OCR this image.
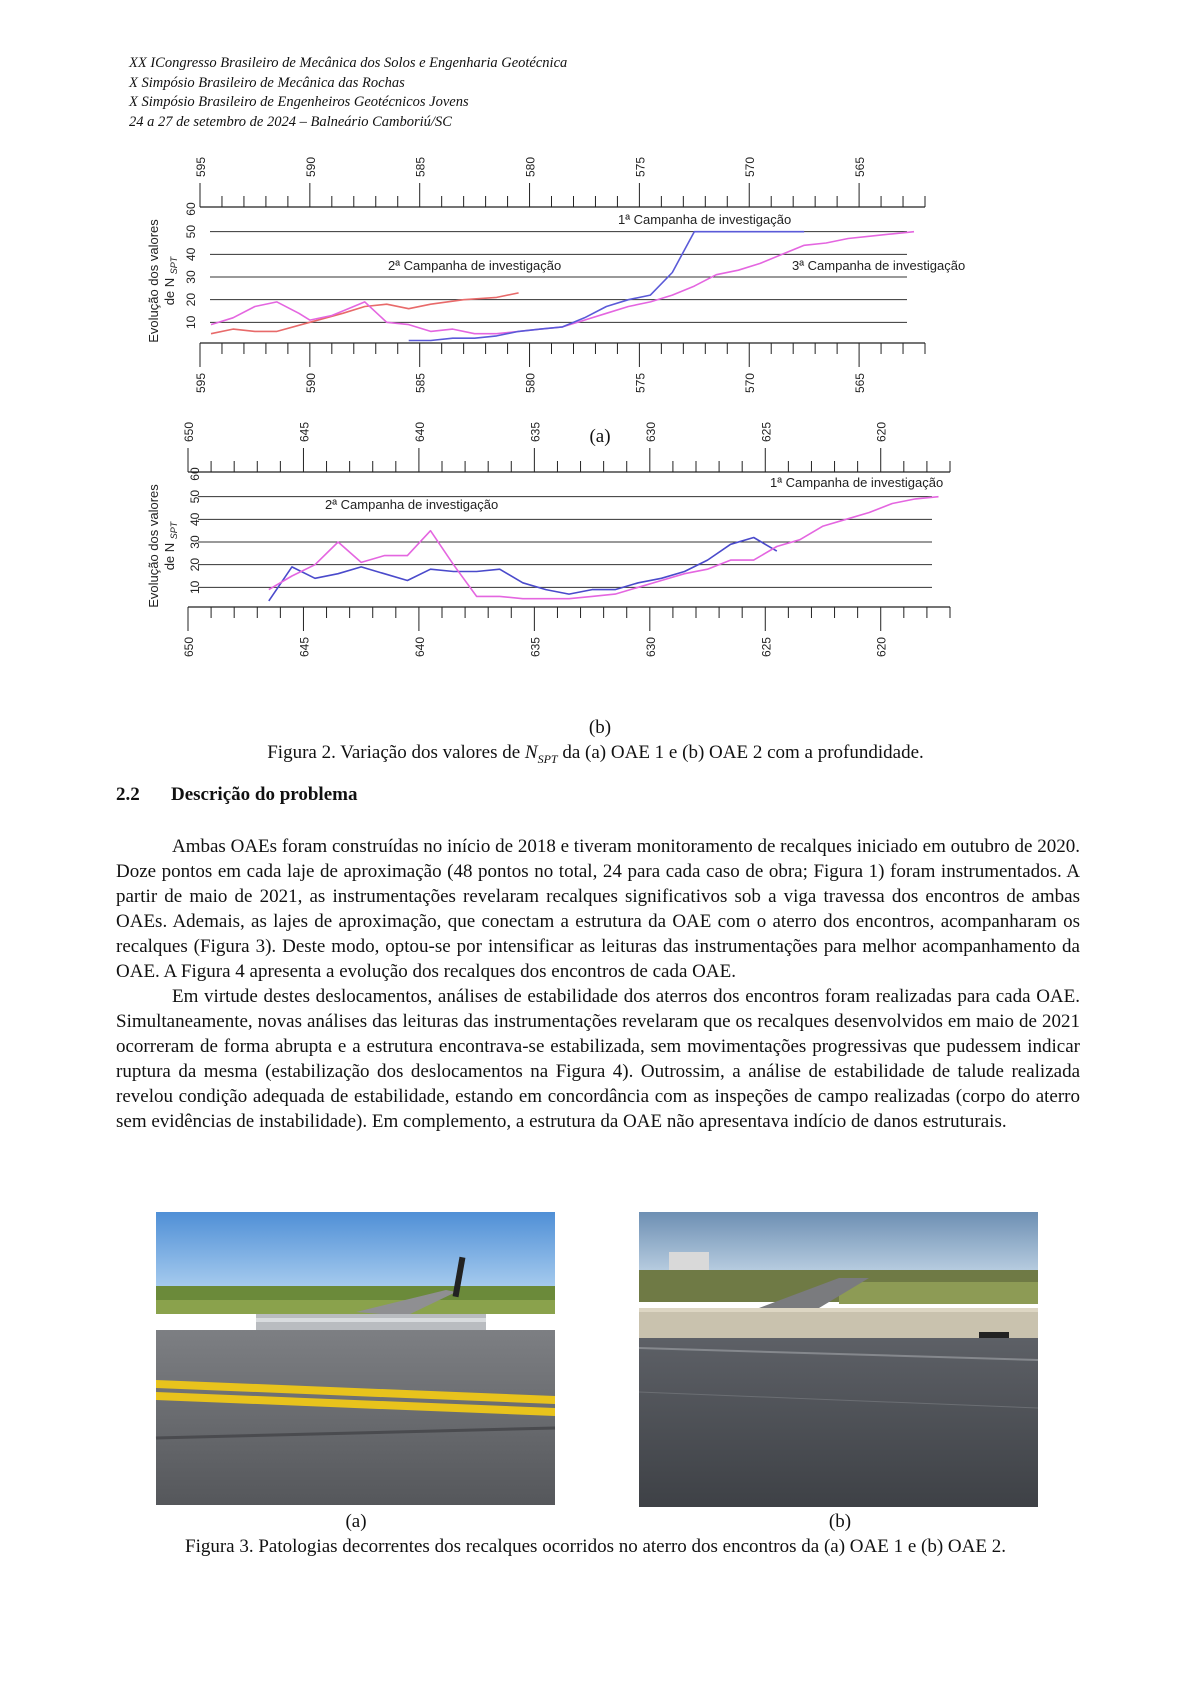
XX ICongresso Brasileiro de Mecânica dos Solos e Engenharia Geotécnica
X Simpósio Brasileiro de Mecânica das Rochas
X Simpósio Brasileiro de Engenheiros Geotécnicos Jovens
24 a 27 de setembro de 2024 – Balneário Camboriú/SC
595	590	585	580	575	570	565
595	590	585	580	575	570	565
10
20
30
40
50
60
Evolução dos valores de N $_{SPT}$
1ª Campanha de investigação
2ª Campanha de investigação	3ª Campanha de investigação
(a)
650	645	640	635	630	625	620
650	645	640	635	630	625	620
10
20
30
40
50
60
Evolução dos valores de N $_{SPT}$
1ª Campanha de investigação
2ª Campanha de investigação
(b)
Figura 2. Variação dos valores de $N_{SPT}$ da (a) OAE 1 e (b) OAE 2 com a profundidade.
2.2 Descrição do problema

Ambas OAEs foram construídas no início de 2018 e tiveram monitoramento de recalques iniciado em outubro de 2020. Doze pontos em cada laje de aproximação (48 pontos no total, 24 para cada caso de obra; Figura 1) foram instrumentados. A partir de maio de 2021, as instrumentações revelaram recalques significativos sob a viga travessa dos encontros de ambas OAEs. Ademais, as lajes de aproximação, que conectam a estrutura da OAE com o aterro dos encontros, acompanharam os recalques (Figura 3). Deste modo, optou-se por intensificar as leituras das instrumentações para melhor acompanhamento da OAE. A Figura 4 apresenta a evolução dos recalques dos encontros de cada OAE.

Em virtude destes deslocamentos, análises de estabilidade dos aterros dos encontros foram realizadas para cada OAE. Simultaneamente, novas análises das leituras das instrumentações revelaram que os recalques desenvolvidos em maio de 2021 ocorreram de forma abrupta e a estrutura encontrava-se estabilizada, sem movimentações progressivas que pudessem indicar ruptura da mesma (estabilização dos deslocamentos na Figura 4). Outrossim, a análise de estabilidade de talude realizada revelou condição adequada de estabilidade, estando em concordância com as inspeções de campo realizadas (corpo do aterro sem evidências de instabilidade). Em complemento, a estrutura da OAE não apresentava indício de danos estruturais.

(a)	(b)
Figura 3. Patologias decorrentes dos recalques ocorridos no aterro dos encontros da (a) OAE 1 e (b) OAE 2.
